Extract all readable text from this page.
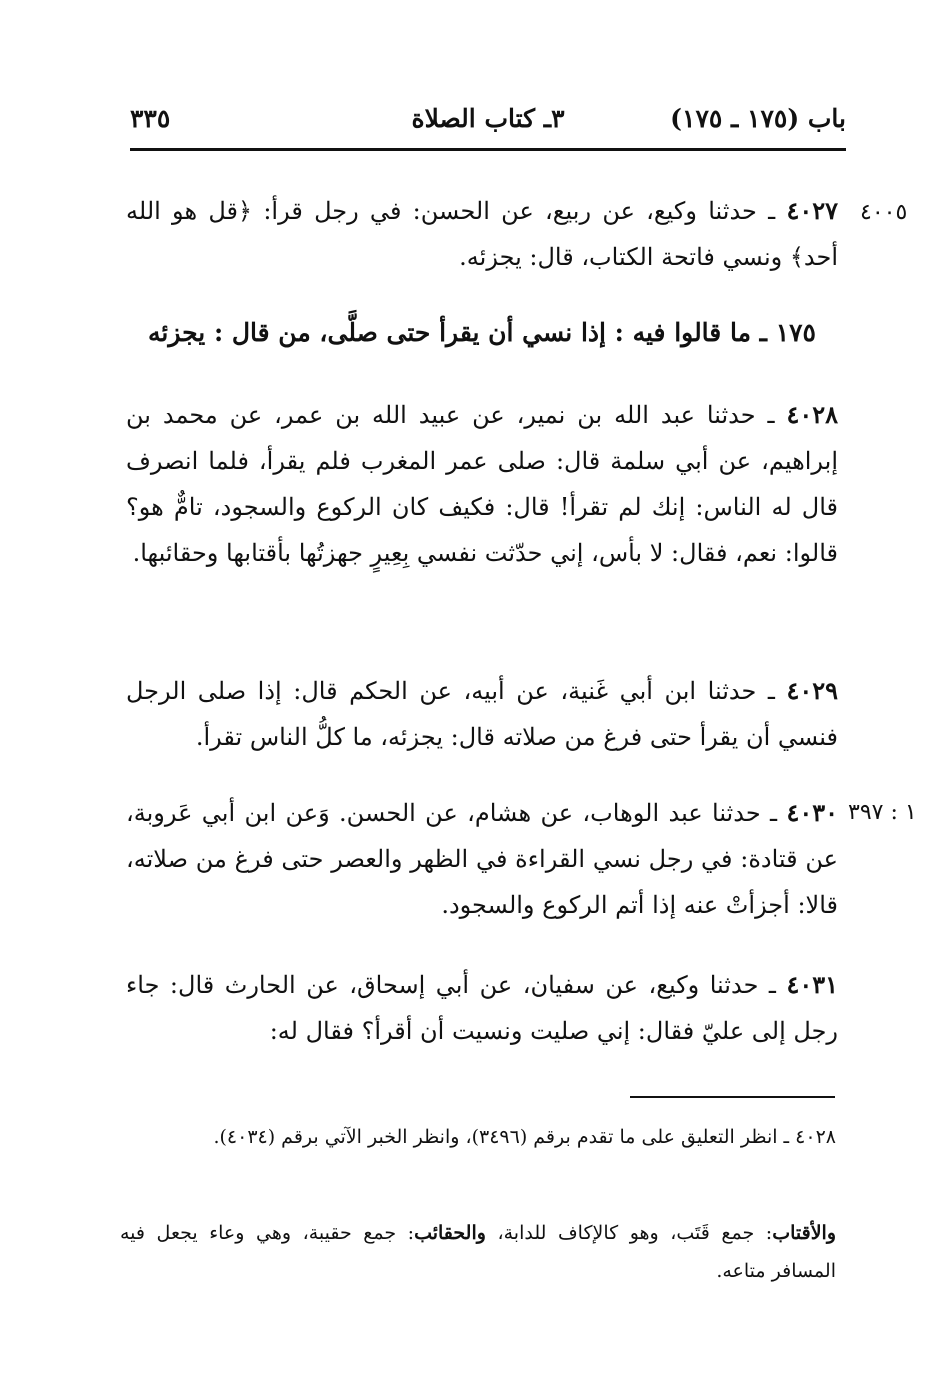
باب (١٧٥ ـ ١٧٥)
٣ـ كتاب الصلاة
٣٣٥
٤٠٠٥
١ : ٣٩٧

٤٠٢٧ ـ حدثنا وكيع، عن ربيع، عن الحسن: في رجل قرأ: ﴿قل هو الله أحد﴾ ونسي فاتحة الكتاب، قال: يجزئه.

١٧٥ ـ ما قالوا فيه : إذا نسي أن يقرأ حتى صلَّى، من قال : يجزئه

٤٠٢٨ ـ حدثنا عبد الله بن نمير، عن عبيد الله بن عمر، عن محمد بن إبراهيم، عن أبي سلمة قال: صلى عمر المغرب فلم يقرأ، فلما انصرف قال له الناس: إنك لم تقرأ! قال: فكيف كان الركوع والسجود، تامٌّ هو؟ قالوا: نعم، فقال: لا بأس، إني حدّثت نفسي بِعِيرٍ جهزتُها بأقتابها وحقائبها.

٤٠٢٩ ـ حدثنا ابن أبي غَنية، عن أبيه، عن الحكم قال: إذا صلى الرجل فنسي أن يقرأ حتى فرغ من صلاته قال: يجزئه، ما كلُّ الناس تقرأ.

٤٠٣٠ ـ حدثنا عبد الوهاب، عن هشام، عن الحسن. وَعن ابن أبي عَروبة، عن قتادة: في رجل نسي القراءة في الظهر والعصر حتى فرغ من صلاته، قالا: أجزأتْ عنه إذا أتم الركوع والسجود.

٤٠٣١ ـ حدثنا وكيع، عن سفيان، عن أبي إسحاق، عن الحارث قال: جاء رجل إلى عليّ فقال: إني صليت ونسيت أن أقرأ؟ فقال له:

٤٠٢٨ ـ انظر التعليق على ما تقدم برقم (٣٤٩٦)، وانظر الخبر الآتي برقم (٤٠٣٤).
والأقتاب: جمع قَتَب، وهو كالإكاف للدابة، والحقائب: جمع حقيبة، وهي وعاء يجعل فيه المسافر متاعه.
